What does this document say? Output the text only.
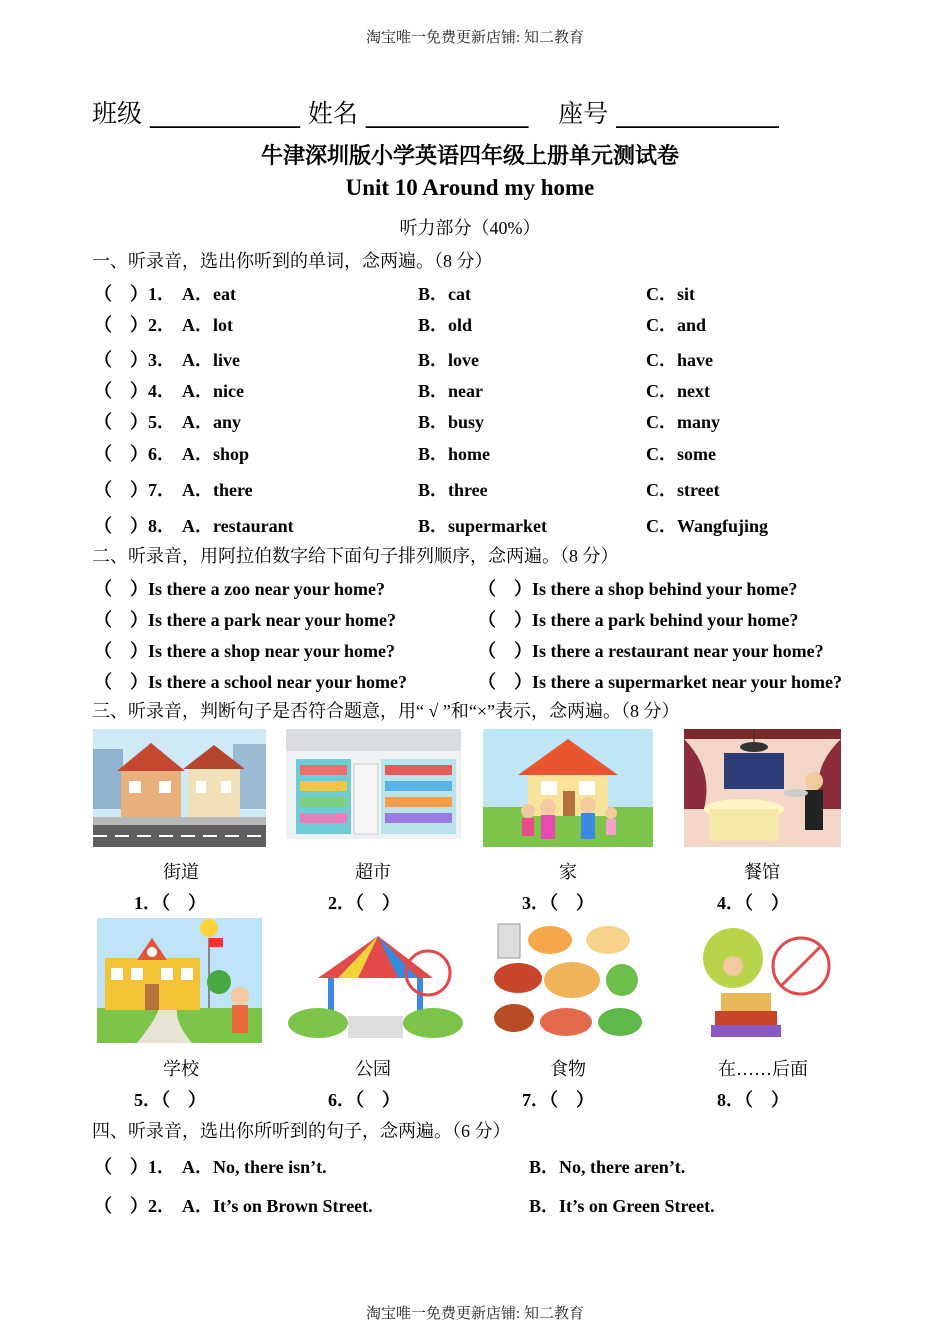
淘宝唯一免费更新店铺: 知二教育
淘宝唯一免费更新店铺: 知二教育
班级 ____________ 姓名 _____________ 座号 _____________
牛津深圳版小学英语四年级上册单元测试卷
Unit 10 Around my home
听力部分（40%）
一、听录音，选出你听到的单词，念两遍。（8 分）
（　）1． A．eat	B．cat	C．sit
（　）2． A．lot	B．old	C．and
（　）3． A．live	B．love	C．have
（　）4． A．nice	B．near	C．next
（　）5． A．any	B．busy	C．many
（　）6． A．shop	B．home	C．some
（　）7． A．there	B．three	C．street
（　）8． A．restaurant	B．supermarket	C．Wangfujing
二、听录音，用阿拉伯数字给下面句子排列顺序，念两遍。（8 分）
（　）Is there a zoo near your home?
（　）Is there a park near your home?
（　）Is there a shop near your home?
（　）Is there a school near your home?
（　）Is there a shop behind your home?
（　）Is there a park behind your home?
（　）Is there a restaurant near your home?
（　）Is there a supermarket near your home?
三、听录音，判断句子是否符合题意，用“ √ ”和“×”表示，念两遍。（8 分）
街道	超市	家	餐馆
1．（　）	2．（　）	3．（　）	4．（　）
学校	公园	食物	在……后面
5．（　）	6．（　）	7．（　）	8．（　）
四、听录音，选出你所听到的句子，念两遍。（6 分）
（　）1． A．No, there isn’t.	B．No, there aren’t.
（　）2． A．It’s on Brown Street.	B．It’s on Green Street.
